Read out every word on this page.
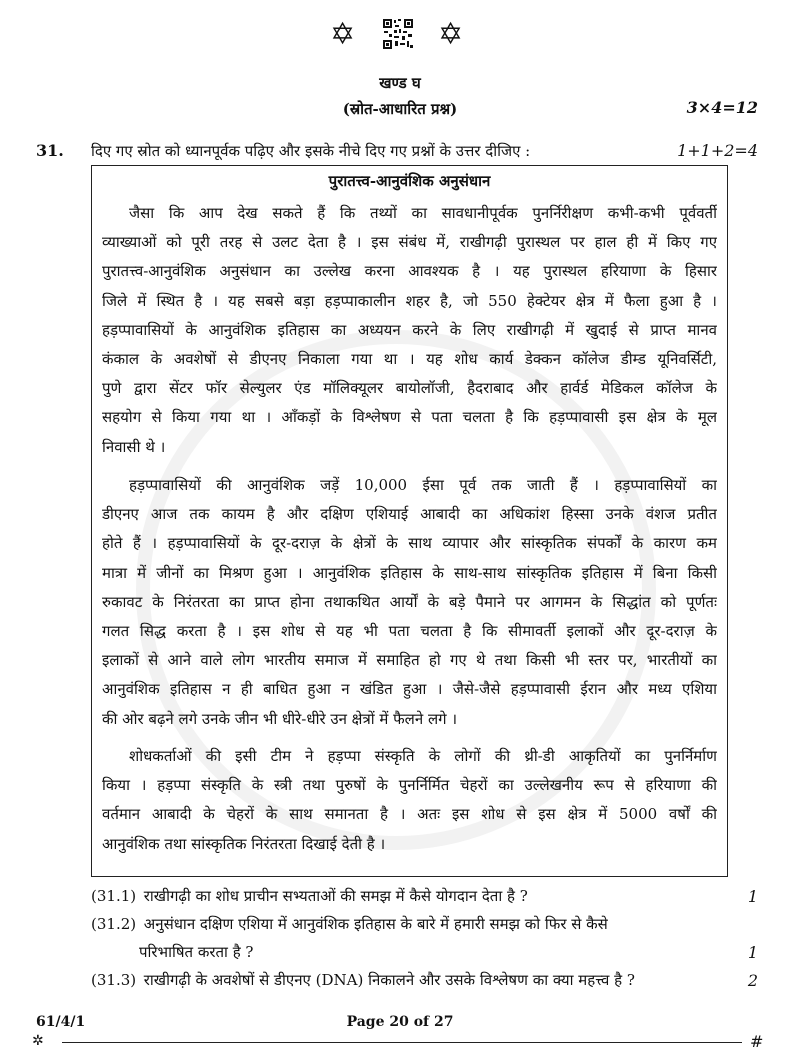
✡	✡
खण्ड घ
(स्रोत-आधारित प्रश्न)	3×4=12
31. दिए गए स्रोत को ध्यानपूर्वक पढ़िए और इसके नीचे दिए गए प्रश्नों के उत्तर दीजिए :	1+1+2=4
पुरातत्त्व-आनुवंशिक अनुसंधान
जैसा कि आप देख सकते हैं कि तथ्यों का सावधानीपूर्वक पुनर्निरीक्षण कभी-कभी पूर्ववर्ती
व्याख्याओं को पूरी तरह से उलट देता है । इस संबंध में, राखीगढ़ी पुरास्थल पर हाल ही में किए गए
पुरातत्त्व-आनुवंशिक अनुसंधान का उल्लेख करना आवश्यक है । यह पुरास्थल हरियाणा के हिसार
जिले में स्थित है । यह सबसे बड़ा हड़प्पाकालीन शहर है, जो 550 हेक्टेयर क्षेत्र में फैला हुआ है ।
हड़प्पावासियों के आनुवंशिक इतिहास का अध्ययन करने के लिए राखीगढ़ी में खुदाई से प्राप्त मानव
कंकाल के अवशेषों से डीएनए निकाला गया था । यह शोध कार्य डेक्कन कॉलेज डीम्ड यूनिवर्सिटी,
पुणे द्वारा सेंटर फॉर सेल्युलर एंड मॉलिक्यूलर बायोलॉजी, हैदराबाद और हार्वर्ड मेडिकल कॉलेज के
सहयोग से किया गया था । आँकड़ों के विश्लेषण से पता चलता है कि हड़प्पावासी इस क्षेत्र के मूल
निवासी थे ।
हड़प्पावासियों की आनुवंशिक जड़ें 10,000 ईसा पूर्व तक जाती हैं । हड़प्पावासियों का
डीएनए आज तक कायम है और दक्षिण एशियाई आबादी का अधिकांश हिस्सा उनके वंशज प्रतीत
होते हैं । हड़प्पावासियों के दूर-दराज़ के क्षेत्रों के साथ व्यापार और सांस्कृतिक संपर्कों के कारण कम
मात्रा में जीनों का मिश्रण हुआ । आनुवंशिक इतिहास के साथ-साथ सांस्कृतिक इतिहास में बिना किसी
रुकावट के निरंतरता का प्राप्त होना तथाकथित आर्यों के बड़े पैमाने पर आगमन के सिद्धांत को पूर्णतः
गलत सिद्ध करता है । इस शोध से यह भी पता चलता है कि सीमावर्ती इलाकों और दूर-दराज़ के
इलाकों से आने वाले लोग भारतीय समाज में समाहित हो गए थे तथा किसी भी स्तर पर, भारतीयों का
आनुवंशिक इतिहास न ही बाधित हुआ न खंडित हुआ । जैसे-जैसे हड़प्पावासी ईरान और मध्य एशिया
की ओर बढ़ने लगे उनके जीन भी धीरे-धीरे उन क्षेत्रों में फैलने लगे ।
शोधकर्ताओं की इसी टीम ने हड़प्पा संस्कृति के लोगों की थ्री-डी आकृतियों का पुनर्निर्माण
किया । हड़प्पा संस्कृति के स्त्री तथा पुरुषों के पुनर्निर्मित चेहरों का उल्लेखनीय रूप से हरियाणा की
वर्तमान आबादी के चेहरों के साथ समानता है । अतः इस शोध से इस क्षेत्र में 5000 वर्षों की
आनुवंशिक तथा सांस्कृतिक निरंतरता दिखाई देती है ।
(31.1) राखीगढ़ी का शोध प्राचीन सभ्यताओं की समझ में कैसे योगदान देता है ?	1
(31.2) अनुसंधान दक्षिण एशिया में आनुवंशिक इतिहास के बारे में हमारी समझ को फिर से कैसे
परिभाषित करता है ?	1
(31.3) राखीगढ़ी के अवशेषों से डीएनए (DNA) निकालने और उसके विश्लेषण का क्या महत्त्व है ?	2
61/4/1	Page 20 of 27
✲	#
